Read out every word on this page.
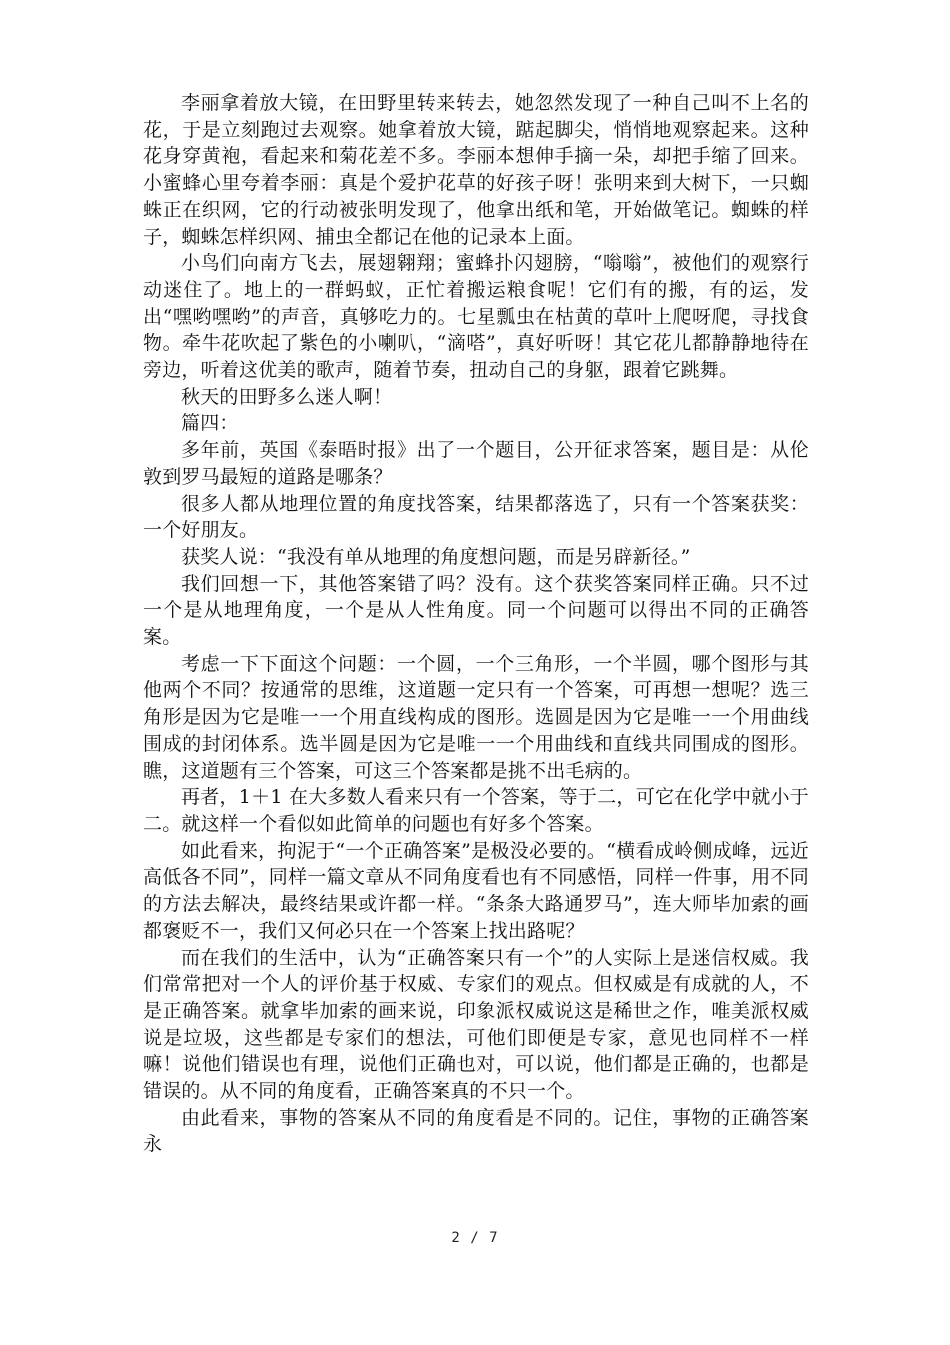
李丽拿着放大镜，在田野里转来转去，她忽然发现了一种自己叫不上名的花，于是立刻跑过去观察。她拿着放大镜，踮起脚尖，悄悄地观察起来。这种花身穿黄袍，看起来和菊花差不多。李丽本想伸手摘一朵，却把手缩了回来。小蜜蜂心里夸着李丽：真是个爱护花草的好孩子呀！张明来到大树下，一只蜘蛛正在织网，它的行动被张明发现了，他拿出纸和笔，开始做笔记。蜘蛛的样子，蜘蛛怎样织网、捕虫全都记在他的记录本上面。

小鸟们向南方飞去，展翅翱翔；蜜蜂扑闪翅膀，“嗡嗡”，被他们的观察行动迷住了。地上的一群蚂蚁，正忙着搬运粮食呢！它们有的搬，有的运，发出“嘿哟嘿哟”的声音，真够吃力的。七星瓢虫在枯黄的草叶上爬呀爬，寻找食物。牵牛花吹起了紫色的小喇叭，“滴嗒”，真好听呀！其它花儿都静静地待在旁边，听着这优美的歌声，随着节奏，扭动自己的身躯，跟着它跳舞。

秋天的田野多么迷人啊！

篇四：

多年前，英国《泰晤时报》出了一个题目，公开征求答案，题目是：从伦敦到罗马最短的道路是哪条？

很多人都从地理位置的角度找答案，结果都落选了，只有一个答案获奖：一个好朋友。

获奖人说：“我没有单从地理的角度想问题，而是另辟新径。”

我们回想一下，其他答案错了吗？没有。这个获奖答案同样正确。只不过一个是从地理角度，一个是从人性角度。同一个问题可以得出不同的正确答案。

考虑一下下面这个问题：一个圆，一个三角形，一个半圆，哪个图形与其他两个不同？按通常的思维，这道题一定只有一个答案，可再想一想呢？选三角形是因为它是唯一一个用直线构成的图形。选圆是因为它是唯一一个用曲线围成的封闭体系。选半圆是因为它是唯一一个用曲线和直线共同围成的图形。瞧，这道题有三个答案，可这三个答案都是挑不出毛病的。

再者，1＋1 在大多数人看来只有一个答案，等于二，可它在化学中就小于二。就这样一个看似如此简单的问题也有好多个答案。

如此看来，拘泥于“一个正确答案”是极没必要的。“横看成岭侧成峰，远近高低各不同”，同样一篇文章从不同角度看也有不同感悟，同样一件事，用不同的方法去解决，最终结果或许都一样。“条条大路通罗马”，连大师毕加索的画都褒贬不一，我们又何必只在一个答案上找出路呢？

而在我们的生活中，认为“正确答案只有一个”的人实际上是迷信权威。我们常常把对一个人的评价基于权威、专家们的观点。但权威是有成就的人，不是正确答案。就拿毕加索的画来说，印象派权威说这是稀世之作，唯美派权威说是垃圾，这些都是专家们的想法，可他们即便是专家，意见也同样不一样嘛！说他们错误也有理，说他们正确也对，可以说，他们都是正确的，也都是错误的。从不同的角度看，正确答案真的不只一个。

由此看来，事物的答案从不同的角度看是不同的。记住，事物的正确答案永

2 / 7
